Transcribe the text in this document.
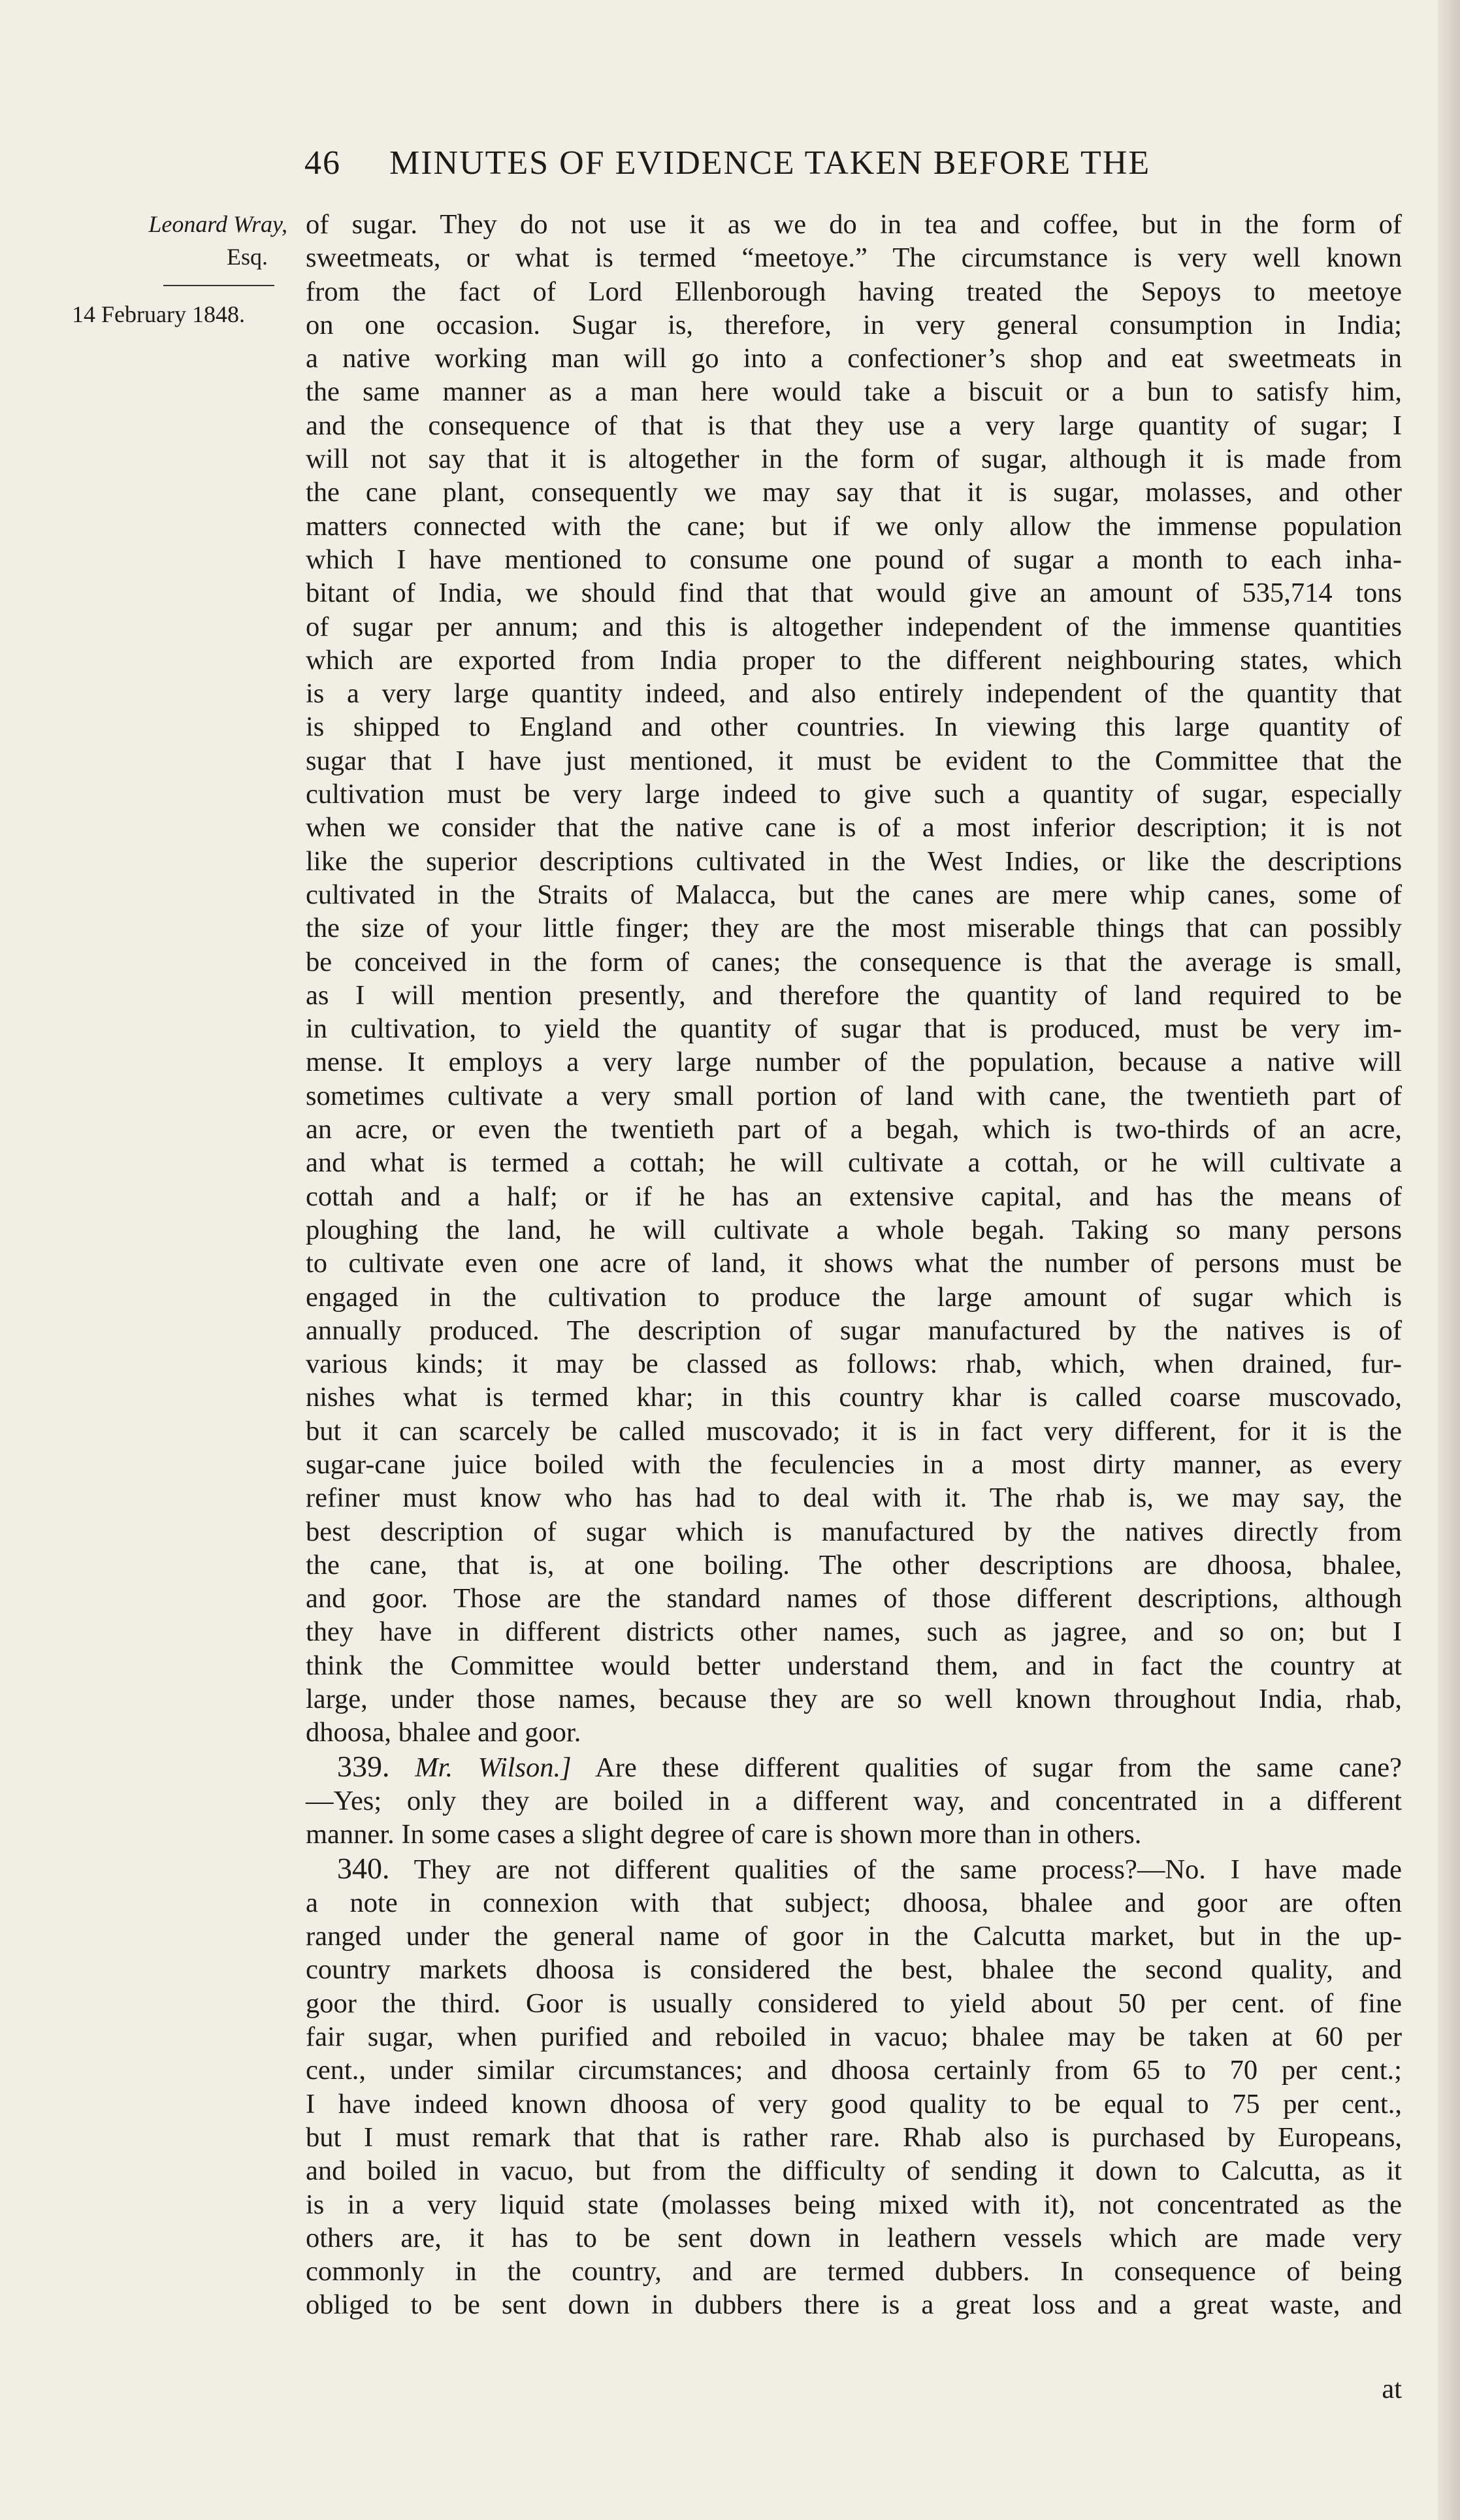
46 MINUTES OF EVIDENCE TAKEN BEFORE THE
Leonard Wray,
Esq.
14 February 1848.
of sugar. They do not use it as we do in tea and coffee, but in the form of
sweetmeats, or what is termed “meetoye.” The circumstance is very well known
from the fact of Lord Ellenborough having treated the Sepoys to meetoye
on one occasion. Sugar is, therefore, in very general consumption in India;
a native working man will go into a confectioner’s shop and eat sweetmeats in
the same manner as a man here would take a biscuit or a bun to satisfy him,
and the consequence of that is that they use a very large quantity of sugar; I
will not say that it is altogether in the form of sugar, although it is made from
the cane plant, consequently we may say that it is sugar, molasses, and other
matters connected with the cane; but if we only allow the immense population
which I have mentioned to consume one pound of sugar a month to each inha-
bitant of India, we should find that that would give an amount of 535,714 tons
of sugar per annum; and this is altogether independent of the immense quantities
which are exported from India proper to the different neighbouring states, which
is a very large quantity indeed, and also entirely independent of the quantity that
is shipped to England and other countries. In viewing this large quantity of
sugar that I have just mentioned, it must be evident to the Committee that the
cultivation must be very large indeed to give such a quantity of sugar, especially
when we consider that the native cane is of a most inferior description; it is not
like the superior descriptions cultivated in the West Indies, or like the descriptions
cultivated in the Straits of Malacca, but the canes are mere whip canes, some of
the size of your little finger; they are the most miserable things that can possibly
be conceived in the form of canes; the consequence is that the average is small,
as I will mention presently, and therefore the quantity of land required to be
in cultivation, to yield the quantity of sugar that is produced, must be very im-
mense. It employs a very large number of the population, because a native will
sometimes cultivate a very small portion of land with cane, the twentieth part of
an acre, or even the twentieth part of a begah, which is two-thirds of an acre,
and what is termed a cottah; he will cultivate a cottah, or he will cultivate a
cottah and a half; or if he has an extensive capital, and has the means of
ploughing the land, he will cultivate a whole begah. Taking so many persons
to cultivate even one acre of land, it shows what the number of persons must be
engaged in the cultivation to produce the large amount of sugar which is
annually produced. The description of sugar manufactured by the natives is of
various kinds; it may be classed as follows: rhab, which, when drained, fur-
nishes what is termed khar; in this country khar is called coarse muscovado,
but it can scarcely be called muscovado; it is in fact very different, for it is the
sugar-cane juice boiled with the feculencies in a most dirty manner, as every
refiner must know who has had to deal with it. The rhab is, we may say, the
best description of sugar which is manufactured by the natives directly from
the cane, that is, at one boiling. The other descriptions are dhoosa, bhalee,
and goor. Those are the standard names of those different descriptions, although
they have in different districts other names, such as jagree, and so on; but I
think the Committee would better understand them, and in fact the country at
large, under those names, because they are so well known throughout India, rhab,
dhoosa, bhalee and goor.
339. Mr. Wilson.] Are these different qualities of sugar from the same cane?
—Yes; only they are boiled in a different way, and concentrated in a different
manner. In some cases a slight degree of care is shown more than in others.
340. They are not different qualities of the same process?—No. I have made
a note in connexion with that subject; dhoosa, bhalee and goor are often
ranged under the general name of goor in the Calcutta market, but in the up-
country markets dhoosa is considered the best, bhalee the second quality, and
goor the third. Goor is usually considered to yield about 50 per cent. of fine
fair sugar, when purified and reboiled in vacuo; bhalee may be taken at 60 per
cent., under similar circumstances; and dhoosa certainly from 65 to 70 per cent.;
I have indeed known dhoosa of very good quality to be equal to 75 per cent.,
but I must remark that that is rather rare. Rhab also is purchased by Europeans,
and boiled in vacuo, but from the difficulty of sending it down to Calcutta, as it
is in a very liquid state (molasses being mixed with it), not concentrated as the
others are, it has to be sent down in leathern vessels which are made very
commonly in the country, and are termed dubbers. In consequence of being
obliged to be sent down in dubbers there is a great loss and a great waste, and
at
